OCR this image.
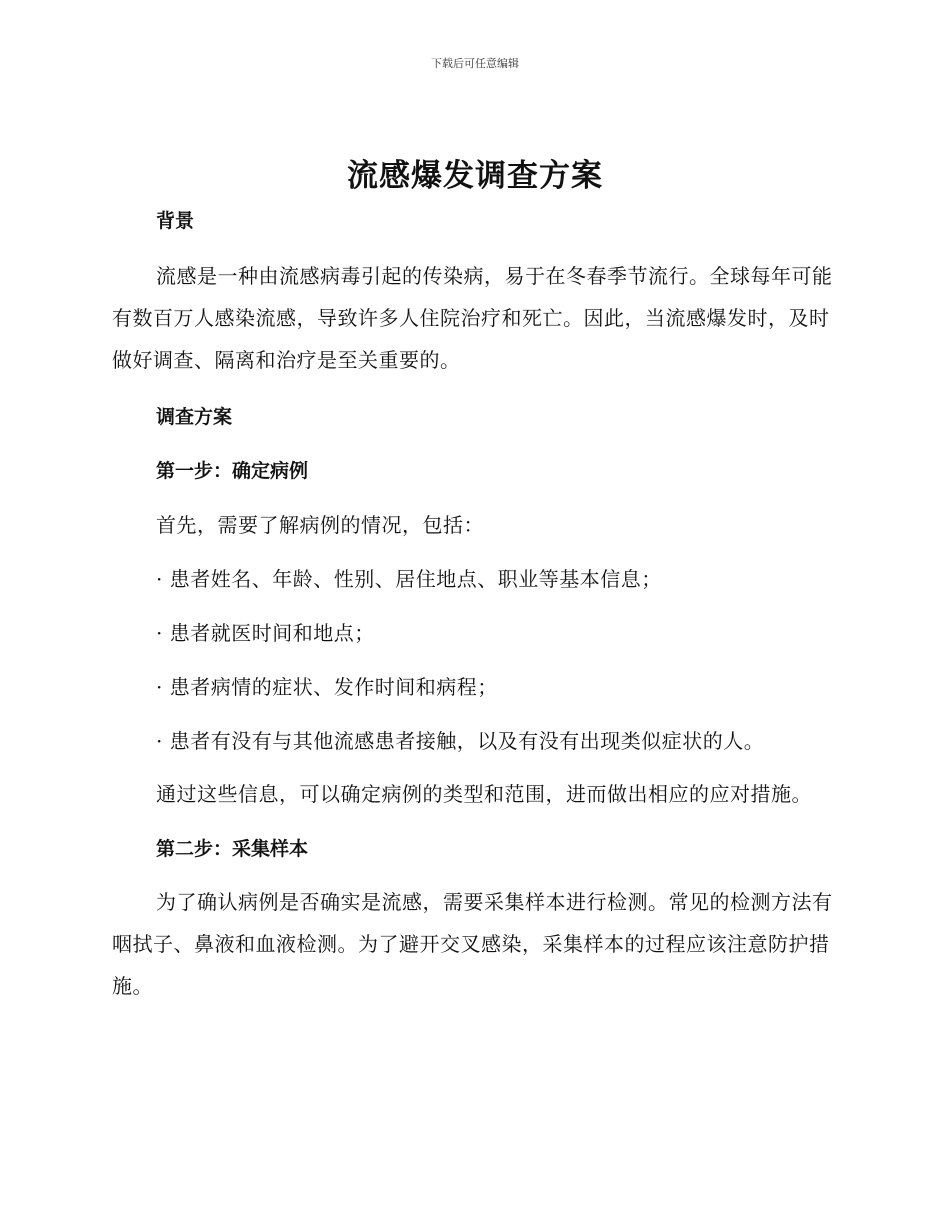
下载后可任意编辑
流感爆发调查方案
背景
流感是一种由流感病毒引起的传染病，易于在冬春季节流行。全球每年可能有数百万人感染流感，导致许多人住院治疗和死亡。因此，当流感爆发时，及时做好调查、隔离和治疗是至关重要的。
调查方案
第一步：确定病例
首先，需要了解病例的情况，包括：
· 患者姓名、年龄、性别、居住地点、职业等基本信息；
· 患者就医时间和地点；
· 患者病情的症状、发作时间和病程；
· 患者有没有与其他流感患者接触，以及有没有出现类似症状的人。
通过这些信息，可以确定病例的类型和范围，进而做出相应的应对措施。
第二步：采集样本
为了确认病例是否确实是流感，需要采集样本进行检测。常见的检测方法有咽拭子、鼻液和血液检测。为了避开交叉感染，采集样本的过程应该注意防护措施。
